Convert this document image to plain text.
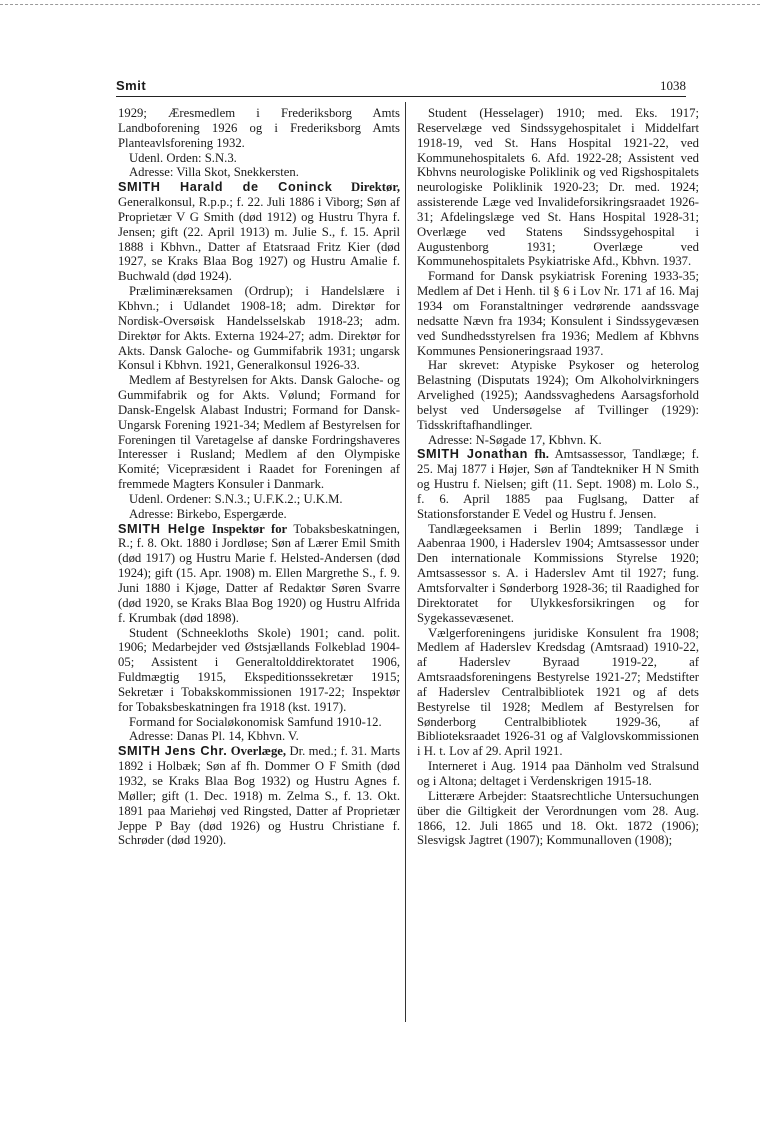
Smit	1038

1929; Æresmedlem i Frederiksborg Amts Landboforening 1926 og i Frederiksborg Amts Planteavlsforening 1932.

Udenl. Orden: S.N.3.

Adresse: Villa Skot, Snekkersten.

SMITH Harald de Coninck Direktør, Generalkonsul, R.p.p.; f. 22. Juli 1886 i Viborg; Søn af Proprietær V G Smith (død 1912) og Hustru Thyra f. Jensen; gift (22. April 1913) m. Julie S., f. 15. April 1888 i Kbhvn., Datter af Etatsraad Fritz Kier (død 1927, se Kraks Blaa Bog 1927) og Hustru Amalie f. Buchwald (død 1924).

Præliminæreksamen (Ordrup); i Handelslære i Kbhvn.; i Udlandet 1908-18; adm. Direktør for Nordisk-Oversøisk Handelsselskab 1918-23; adm. Direktør for Akts. Externa 1924-27; adm. Direktør for Akts. Dansk Galoche- og Gummifabrik 1931; ungarsk Konsul i Kbhvn. 1921, Generalkonsul 1926-33.

Medlem af Bestyrelsen for Akts. Dansk Galoche- og Gummifabrik og for Akts. Vølund; Formand for Dansk-Engelsk Alabast Industri; Formand for Dansk-Ungarsk Forening 1921-34; Medlem af Bestyrelsen for Foreningen til Varetagelse af danske Fordringshaveres Interesser i Rusland; Medlem af den Olympiske Komité; Vicepræsident i Raadet for Foreningen af fremmede Magters Konsuler i Danmark.

Udenl. Ordener: S.N.3.; U.F.K.2.; U.K.M.

Adresse: Birkebo, Espergærde.

SMITH Helge Inspektør for Tobaksbeskatningen, R.; f. 8. Okt. 1880 i Jordløse; Søn af Lærer Emil Smith (død 1917) og Hustru Marie f. Helsted-Andersen (død 1924); gift (15. Apr. 1908) m. Ellen Margrethe S., f. 9. Juni 1880 i Kjøge, Datter af Redaktør Søren Svarre (død 1920, se Kraks Blaa Bog 1920) og Hustru Alfrida f. Krumbak (død 1898).

Student (Schneekloths Skole) 1901; cand. polit. 1906; Medarbejder ved Østsjællands Folkeblad 1904-05; Assistent i Generaltolddirektoratet 1906, Fuldmægtig 1915, Ekspeditionssekretær 1915; Sekretær i Tobakskommissionen 1917-22; Inspektør for Tobaksbeskatningen fra 1918 (kst. 1917).

Formand for Socialøkonomisk Samfund 1910-12.

Adresse: Danas Pl. 14, Kbhvn. V.

SMITH Jens Chr. Overlæge, Dr. med.; f. 31. Marts 1892 i Holbæk; Søn af fh. Dommer O F Smith (død 1932, se Kraks Blaa Bog 1932) og Hustru Agnes f. Møller; gift (1. Dec. 1918) m. Zelma S., f. 13. Okt. 1891 paa Mariehøj ved Ringsted, Datter af Proprietær Jeppe P Bay (død 1926) og Hustru Christiane f. Schrøder (død 1920).

Student (Hesselager) 1910; med. Eks. 1917; Reservelæge ved Sindssygehospitalet i Middelfart 1918-19, ved St. Hans Hospital 1921-22, ved Kommunehospitalets 6. Afd. 1922-28; Assistent ved Kbhvns neurologiske Poliklinik og ved Rigshospitalets neurologiske Poliklinik 1920-23; Dr. med. 1924; assisterende Læge ved Invalideforsikringsraadet 1926-31; Afdelingslæge ved St. Hans Hospital 1928-31; Overlæge ved Statens Sindssygehospital i Augustenborg 1931; Overlæge ved Kommunehospitalets Psykiatriske Afd., Kbhvn. 1937.

Formand for Dansk psykiatrisk Forening 1933-35; Medlem af Det i Henh. til § 6 i Lov Nr. 171 af 16. Maj 1934 om Foranstaltninger vedrørende aandssvage nedsatte Nævn fra 1934; Konsulent i Sindssygevæsen ved Sundhedsstyrelsen fra 1936; Medlem af Kbhvns Kommunes Pensioneringsraad 1937.

Har skrevet: Atypiske Psykoser og heterolog Belastning (Disputats 1924); Om Alkoholvirkningers Arvelighed (1925); Aandssvaghedens Aarsagsforhold belyst ved Undersøgelse af Tvillinger (1929): Tidsskriftafhandlinger.

Adresse: N-Søgade 17, Kbhvn. K.

SMITH Jonathan fh. Amtsassessor, Tandlæge; f. 25. Maj 1877 i Højer, Søn af Tandtekniker H N Smith og Hustru f. Nielsen; gift (11. Sept. 1908) m. Lolo S., f. 6. April 1885 paa Fuglsang, Datter af Stationsforstander E Vedel og Hustru f. Jensen.

Tandlægeeksamen i Berlin 1899; Tandlæge i Aabenraa 1900, i Haderslev 1904; Amtsassessor under Den internationale Kommissions Styrelse 1920; Amtsassessor s. A. i Haderslev Amt til 1927; fung. Amtsforvalter i Sønderborg 1928-36; til Raadighed for Direktoratet for Ulykkesforsikringen og for Sygekassevæsenet.

Vælgerforeningens juridiske Konsulent fra 1908; Medlem af Haderslev Kredsdag (Amtsraad) 1910-22, af Haderslev Byraad 1919-22, af Amtsraadsforeningens Bestyrelse 1921-27; Medstifter af Haderslev Centralbibliotek 1921 og af dets Bestyrelse til 1928; Medlem af Bestyrelsen for Sønderborg Centralbibliotek 1929-36, af Biblioteksraadet 1926-31 og af Valglovskommissionen i H. t. Lov af 29. April 1921.

Interneret i Aug. 1914 paa Dänholm ved Stralsund og i Altona; deltaget i Verdenskrigen 1915-18.

Litterære Arbejder: Staatsrechtliche Untersuchungen über die Giltigkeit der Verordnungen vom 28. Aug. 1866, 12. Juli 1865 und 18. Okt. 1872 (1906); Slesvigsk Jagtret (1907); Kommunalloven (1908);
